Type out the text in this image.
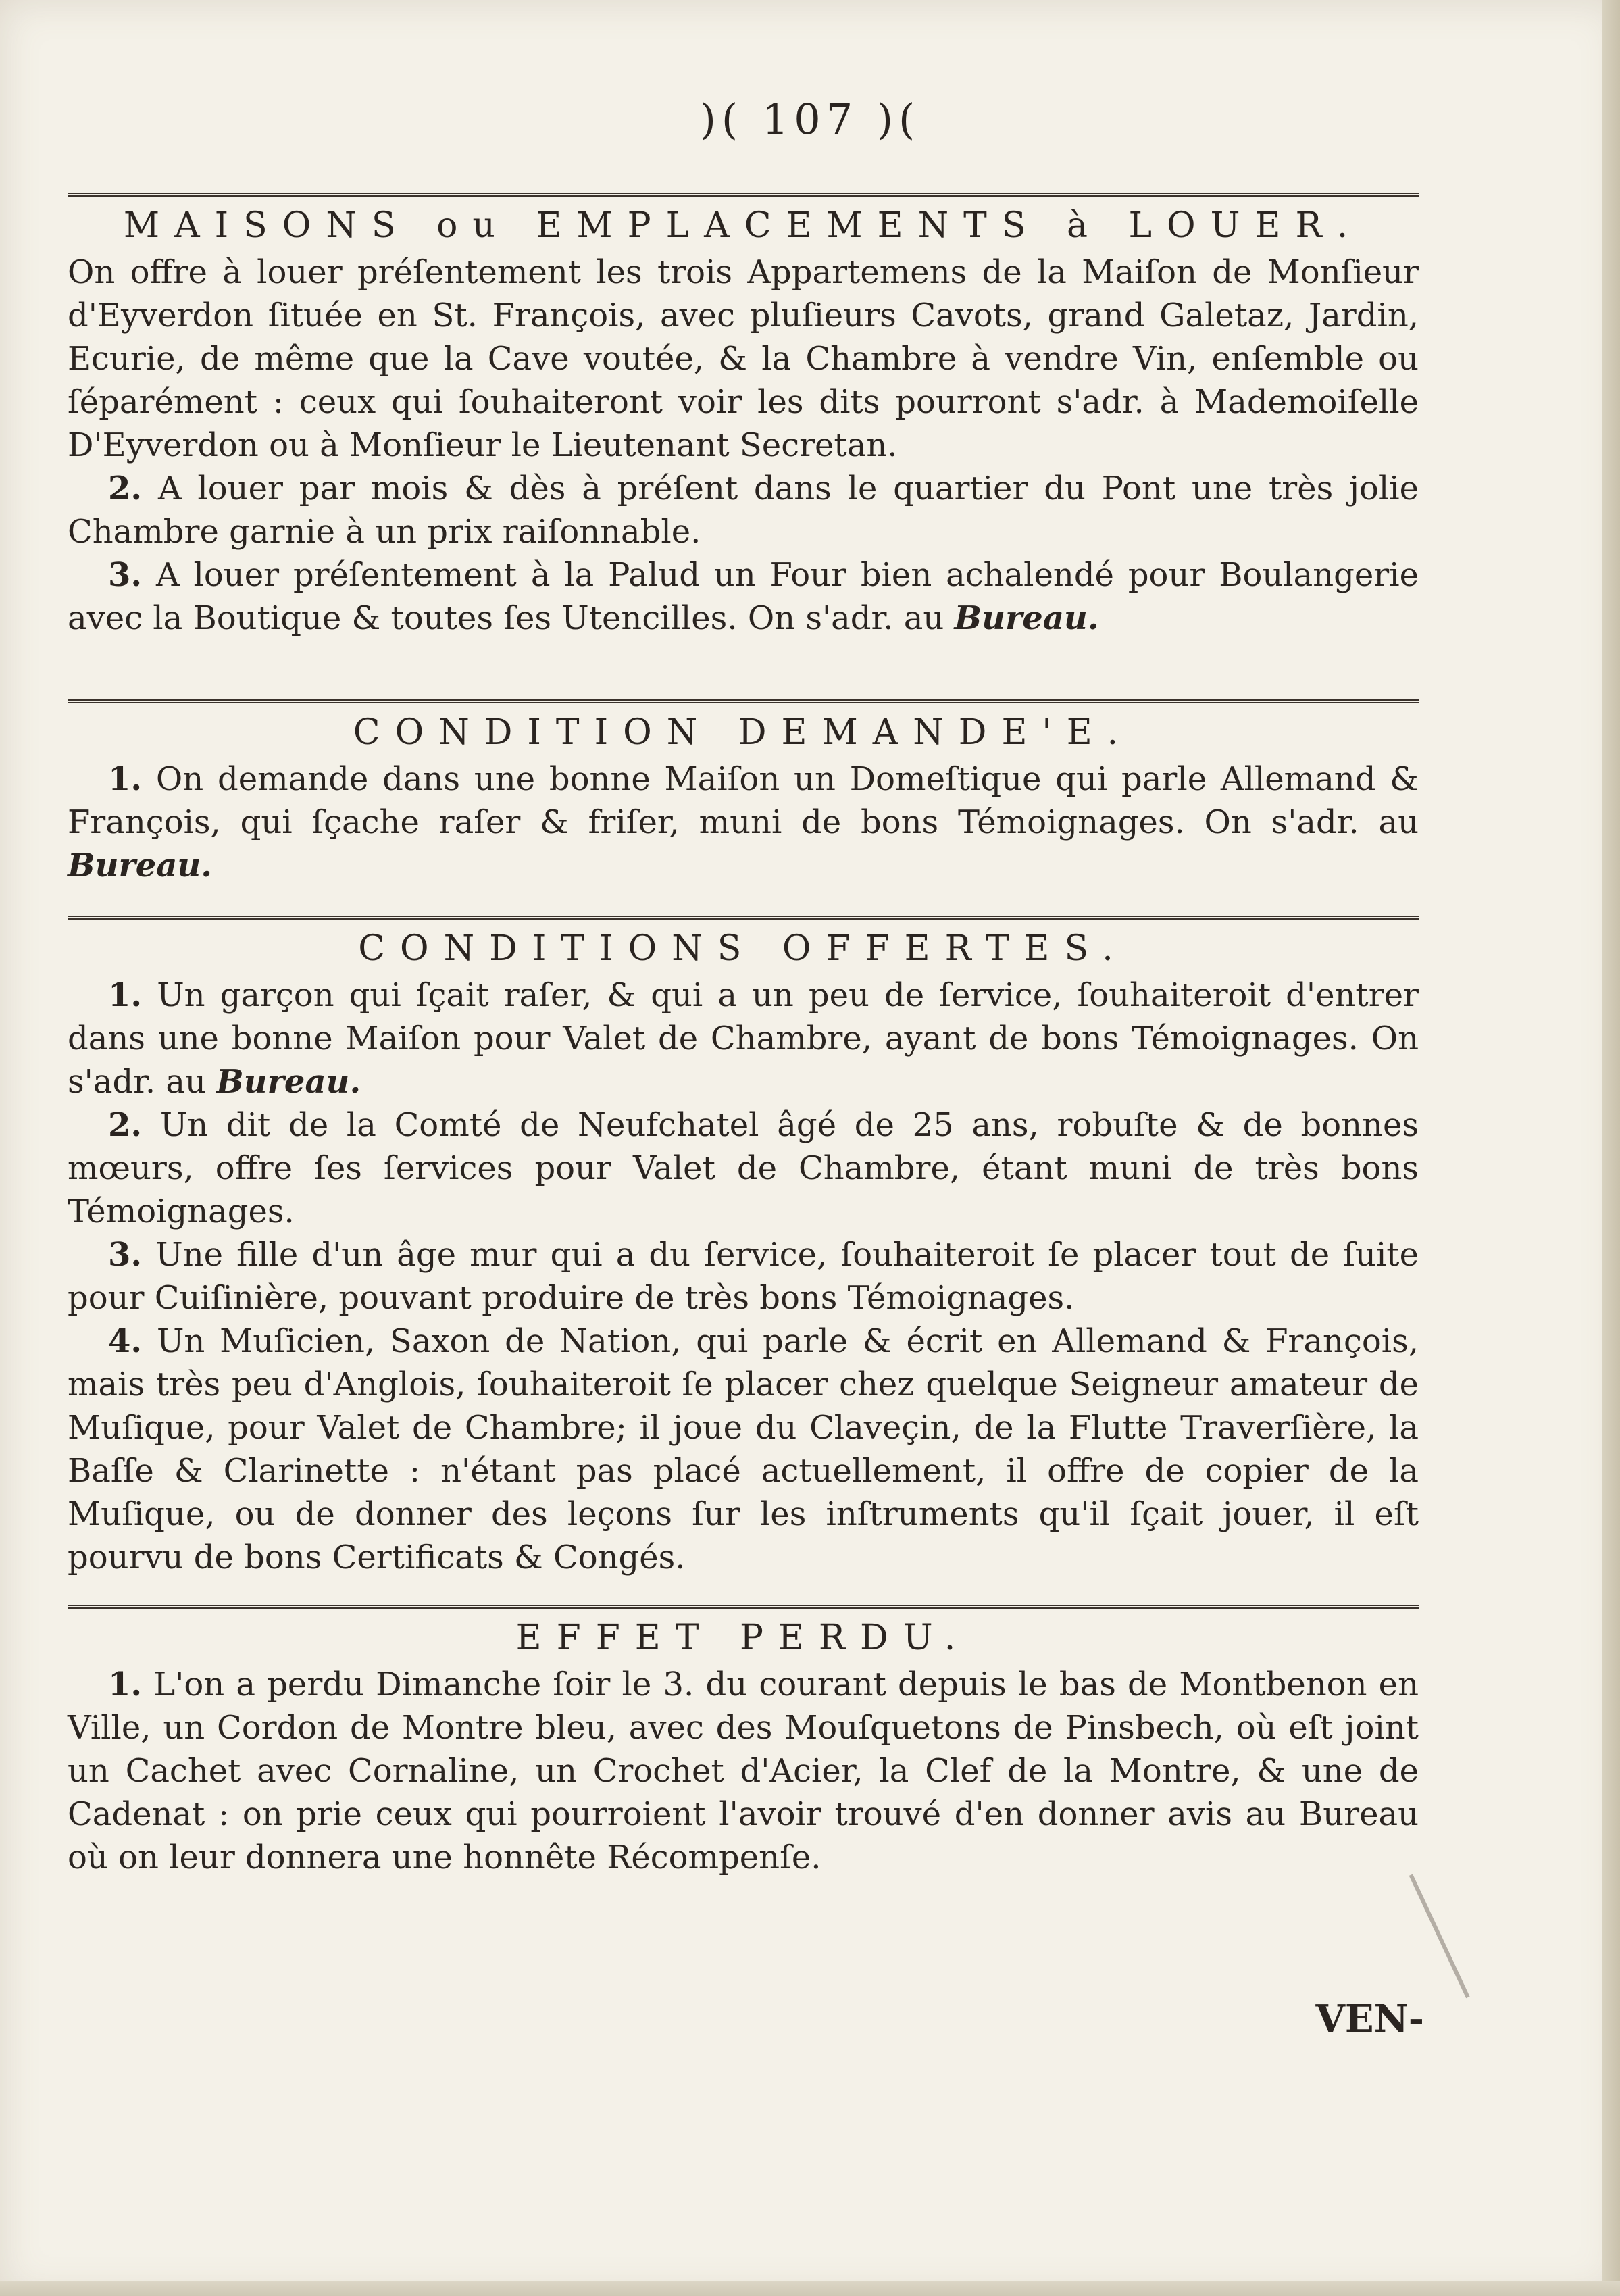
)( 107 )(
MAISONS ou EMPLACEMENTS à LOUER.

On offre à louer préſentement les trois Appartemens de la Maiſon de Monſieur d'Eyverdon ſituée en St. François, avec pluſieurs Cavots, grand Galetaz, Jardin, Ecurie, de même que la Cave voutée, & la Chambre à vendre Vin, enſemble ou ſéparément : ceux qui ſouhaiteront voir les dits pourront s'adr. à Mademoiſelle D'Eyverdon ou à Monſieur le Lieutenant Secretan.

2. A louer par mois & dès à préſent dans le quartier du Pont une très jolie Chambre garnie à un prix raiſonnable.

3. A louer préſentement à la Palud un Four bien achalendé pour Boulangerie avec la Boutique & toutes ſes Utencilles. On s'adr. au Bureau.

CONDITION DEMANDE'E.

1. On demande dans une bonne Maiſon un Domeſtique qui parle Allemand & François, qui ſçache raſer & friſer, muni de bons Témoignages. On s'adr. au Bureau.

CONDITIONS OFFERTES.

1. Un garçon qui ſçait raſer, & qui a un peu de ſervice, ſouhaiteroit d'entrer dans une bonne Maiſon pour Valet de Chambre, ayant de bons Témoignages. On s'adr. au Bureau.

2. Un dit de la Comté de Neufchatel âgé de 25 ans, robuſte & de bonnes mœurs, offre ſes ſervices pour Valet de Chambre, étant muni de très bons Témoignages.

3. Une fille d'un âge mur qui a du ſervice, ſouhaiteroit ſe placer tout de ſuite pour Cuiſinière, pouvant produire de très bons Témoignages.

4. Un Muſicien, Saxon de Nation, qui parle & écrit en Allemand & François, mais très peu d'Anglois, ſouhaiteroit ſe placer chez quelque Seigneur amateur de Muſique, pour Valet de Chambre; il joue du Claveçin, de la Flutte Traverſière, la Baſſe & Clarinette : n'étant pas placé actuellement, il offre de copier de la Muſique, ou de donner des leçons ſur les inſtruments qu'il ſçait jouer, il eſt pourvu de bons Certificats & Congés.

EFFET PERDU.

1. L'on a perdu Dimanche ſoir le 3. du courant depuis le bas de Montbenon en Ville, un Cordon de Montre bleu, avec des Mouſquetons de Pinsbech, où eſt joint un Cachet avec Cornaline, un Crochet d'Acier, la Clef de la Montre, & une de Cadenat : on prie ceux qui pourroient l'avoir trouvé d'en donner avis au Bureau où on leur donnera une honnête Récompenſe.

VEN-
